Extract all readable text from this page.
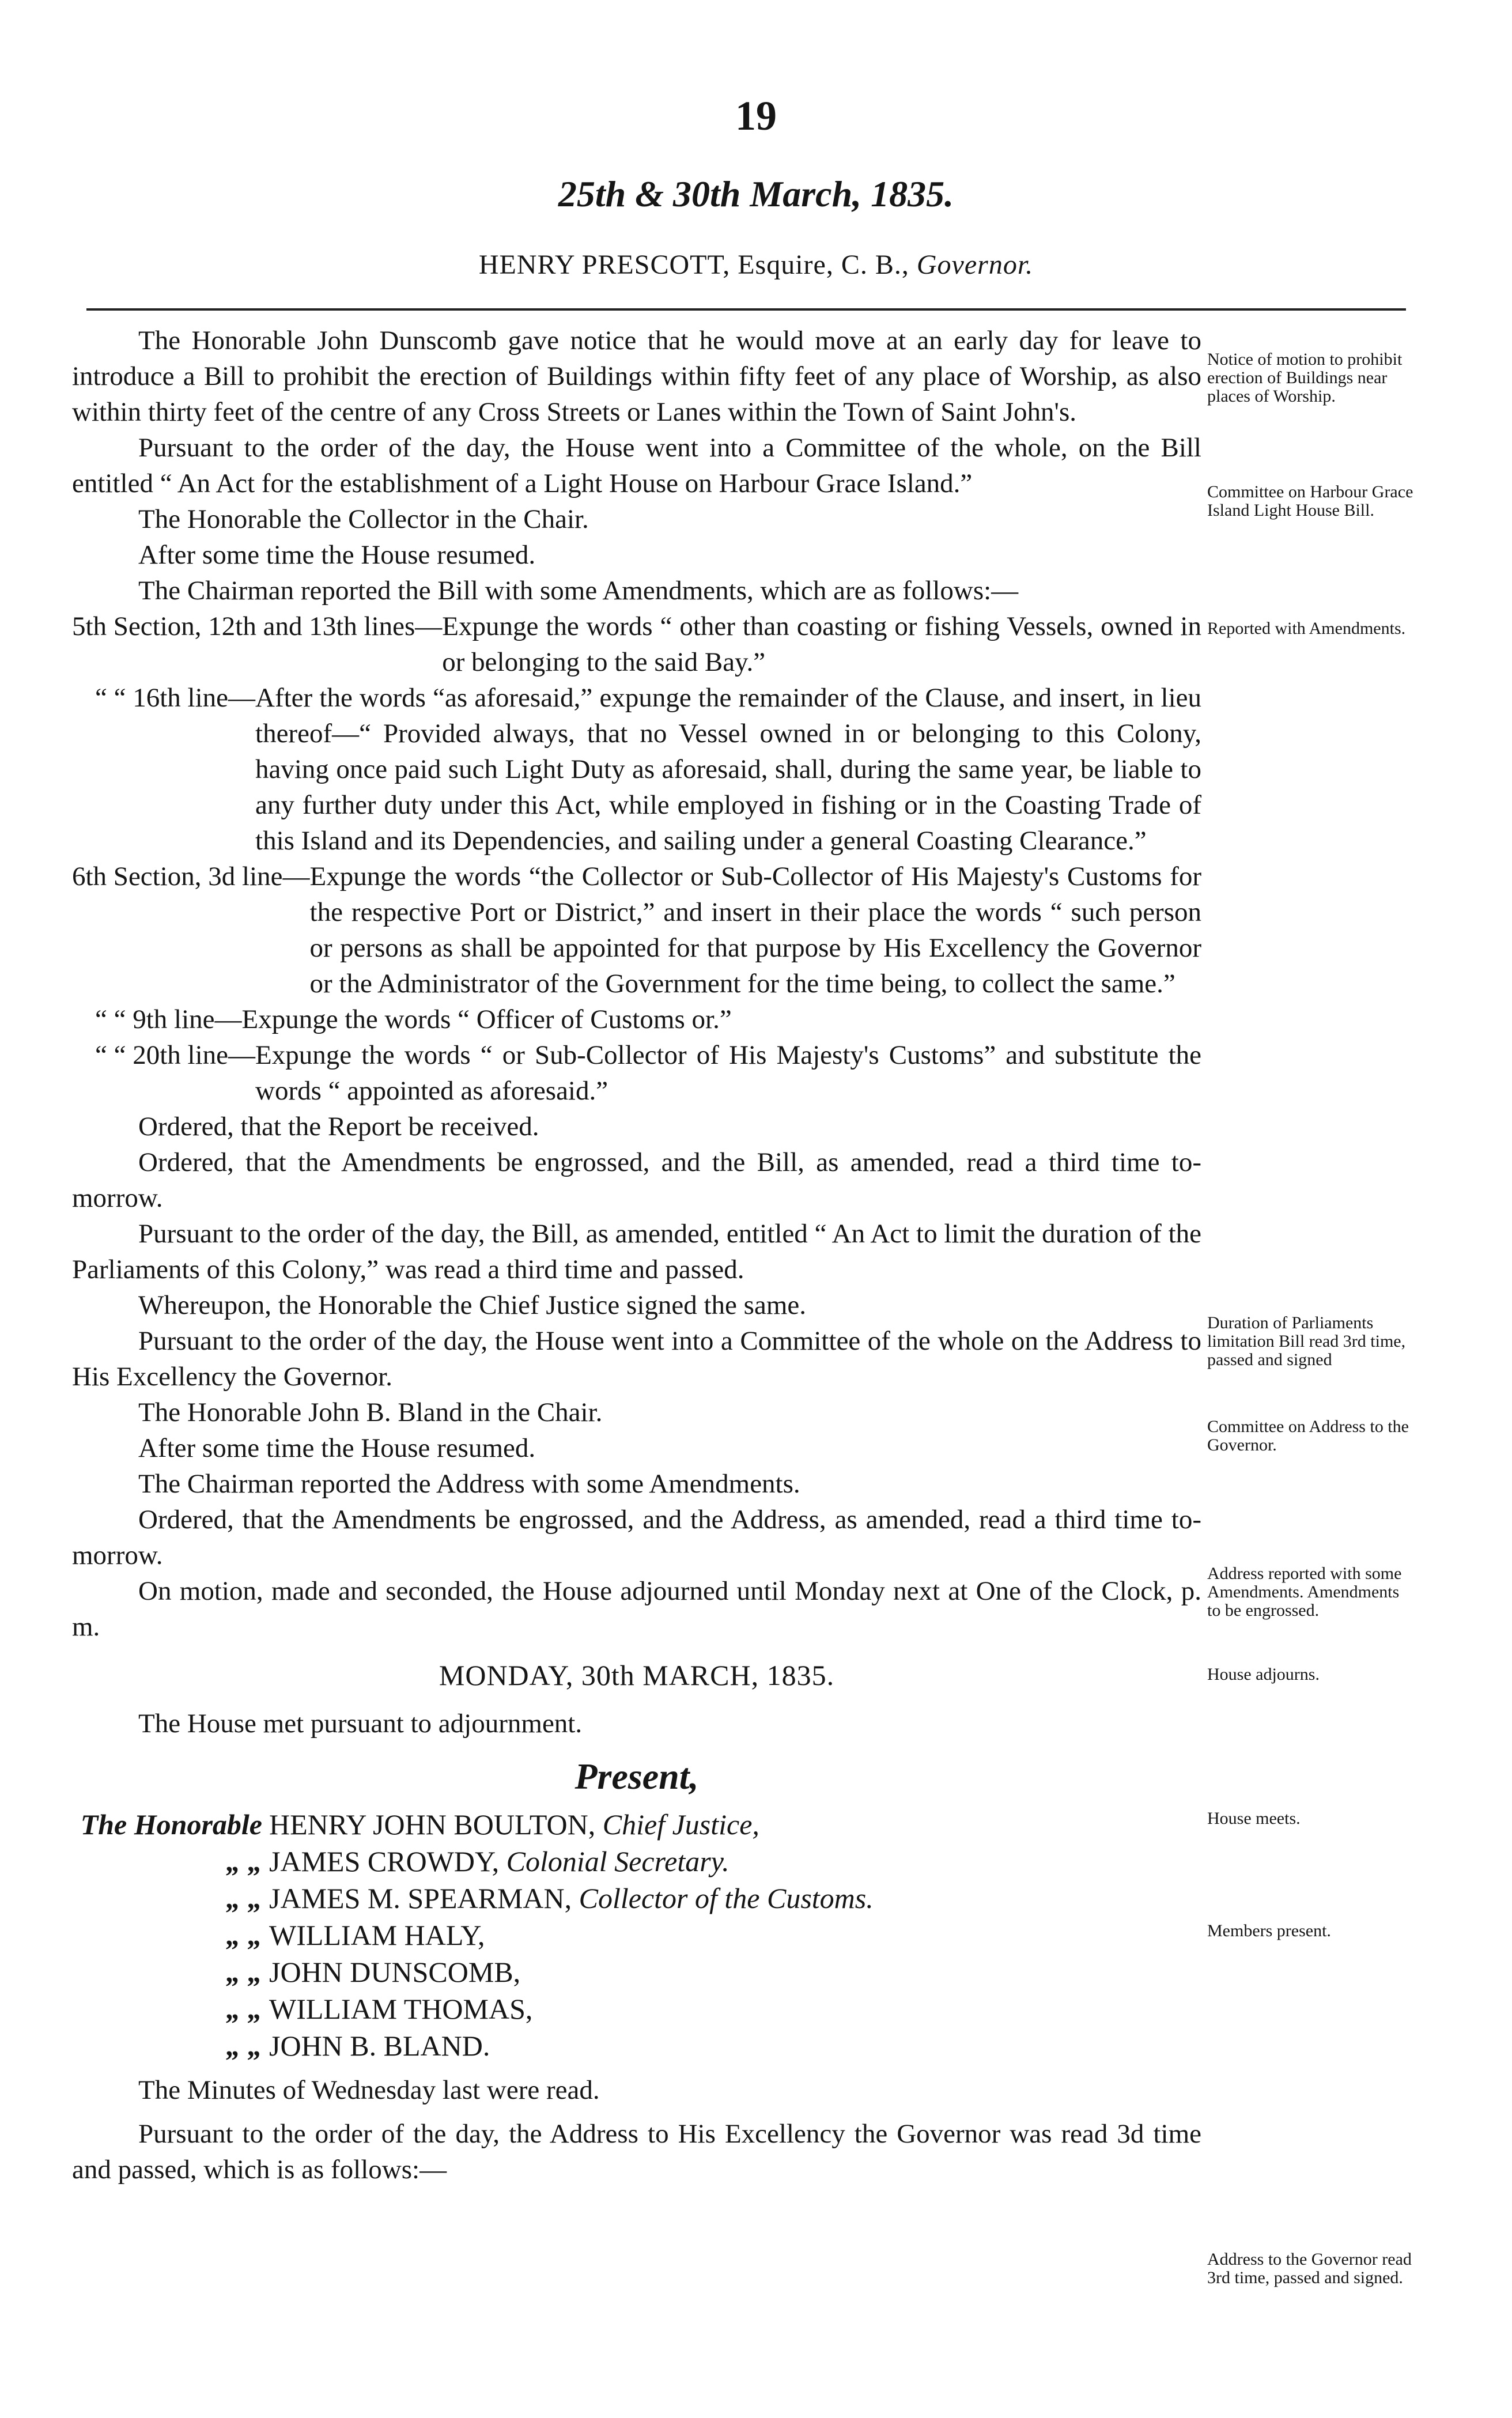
19
25th & 30th March, 1835.
HENRY PRESCOTT, Esquire, C. B., Governor.

The Honorable John Dunscomb gave notice that he would move at an early day for leave to introduce a Bill to prohibit the erection of Buildings within fifty feet of any place of Worship, as also within thirty feet of the centre of any Cross Streets or Lanes within the Town of Saint John's.

Pursuant to the order of the day, the House went into a Committee of the whole, on the Bill entitled “ An Act for the establishment of a Light House on Harbour Grace Island.”

The Honorable the Collector in the Chair.

After some time the House resumed.

The Chairman reported the Bill with some Amendments, which are as follows:—

5th Section, 12th and 13th lines— Expunge the words “ other than coasting or fishing Vessels, owned in or belonging to the said Bay.”
“ “ 16th line— After the words “as aforesaid,” expunge the remainder of the Clause, and insert, in lieu thereof—“ Provided always, that no Vessel owned in or belonging to this Colony, having once paid such Light Duty as aforesaid, shall, during the same year, be liable to any further duty under this Act, while employed in fishing or in the Coasting Trade of this Island and its Dependencies, and sailing under a general Coasting Clearance.”
6th Section, 3d line— Expunge the words “the Collector or Sub-Collector of His Majesty's Customs for the respective Port or District,” and insert in their place the words “ such person or persons as shall be appointed for that purpose by His Excellency the Governor or the Administrator of the Government for the time being, to collect the same.”
“ “ 9th line— Expunge the words “ Officer of Customs or.”
“ “ 20th line— Expunge the words “ or Sub-Collector of His Majesty's Customs” and substitute the words “ appointed as aforesaid.”

Ordered, that the Report be received.

Ordered, that the Amendments be engrossed, and the Bill, as amended, read a third time to-morrow.

Pursuant to the order of the day, the Bill, as amended, entitled “ An Act to limit the duration of the Parliaments of this Colony,” was read a third time and passed.

Whereupon, the Honorable the Chief Justice signed the same.

Pursuant to the order of the day, the House went into a Committee of the whole on the Address to His Excellency the Governor.

The Honorable John B. Bland in the Chair.

After some time the House resumed.

The Chairman reported the Address with some Amendments.

Ordered, that the Amendments be engrossed, and the Address, as amended, read a third time to-morrow.

On motion, made and seconded, the House adjourned until Monday next at One of the Clock, p. m.

MONDAY, 30th MARCH, 1835.

The House met pursuant to adjournment.

Present,

The Honorable HENRY JOHN BOULTON,
Chief Justice,
„ „ JAMES CROWDY,
Colonial Secretary.
„ „ JAMES M. SPEARMAN,
Collector of the Customs.
„ „ WILLIAM HALY,
„ „ JOHN DUNSCOMB,
„ „ WILLIAM THOMAS,
„ „ JOHN B. BLAND.

The Minutes of Wednesday last were read.

Pursuant to the order of the day, the Address to His Excellency the Governor was read 3d time and passed, which is as follows:—

Notice of motion to prohibit erection of Buildings near places of Worship.
Committee on Harbour Grace Island Light House Bill.
Reported with Amendments.
Duration of Parliaments limitation Bill read 3rd time, passed and signed
Committee on Address to the Governor.
Address reported with some Amendments. Amendments to be engrossed.
House adjourns.
House meets.
Members present.
Address to the Governor read 3rd time, passed and signed.
